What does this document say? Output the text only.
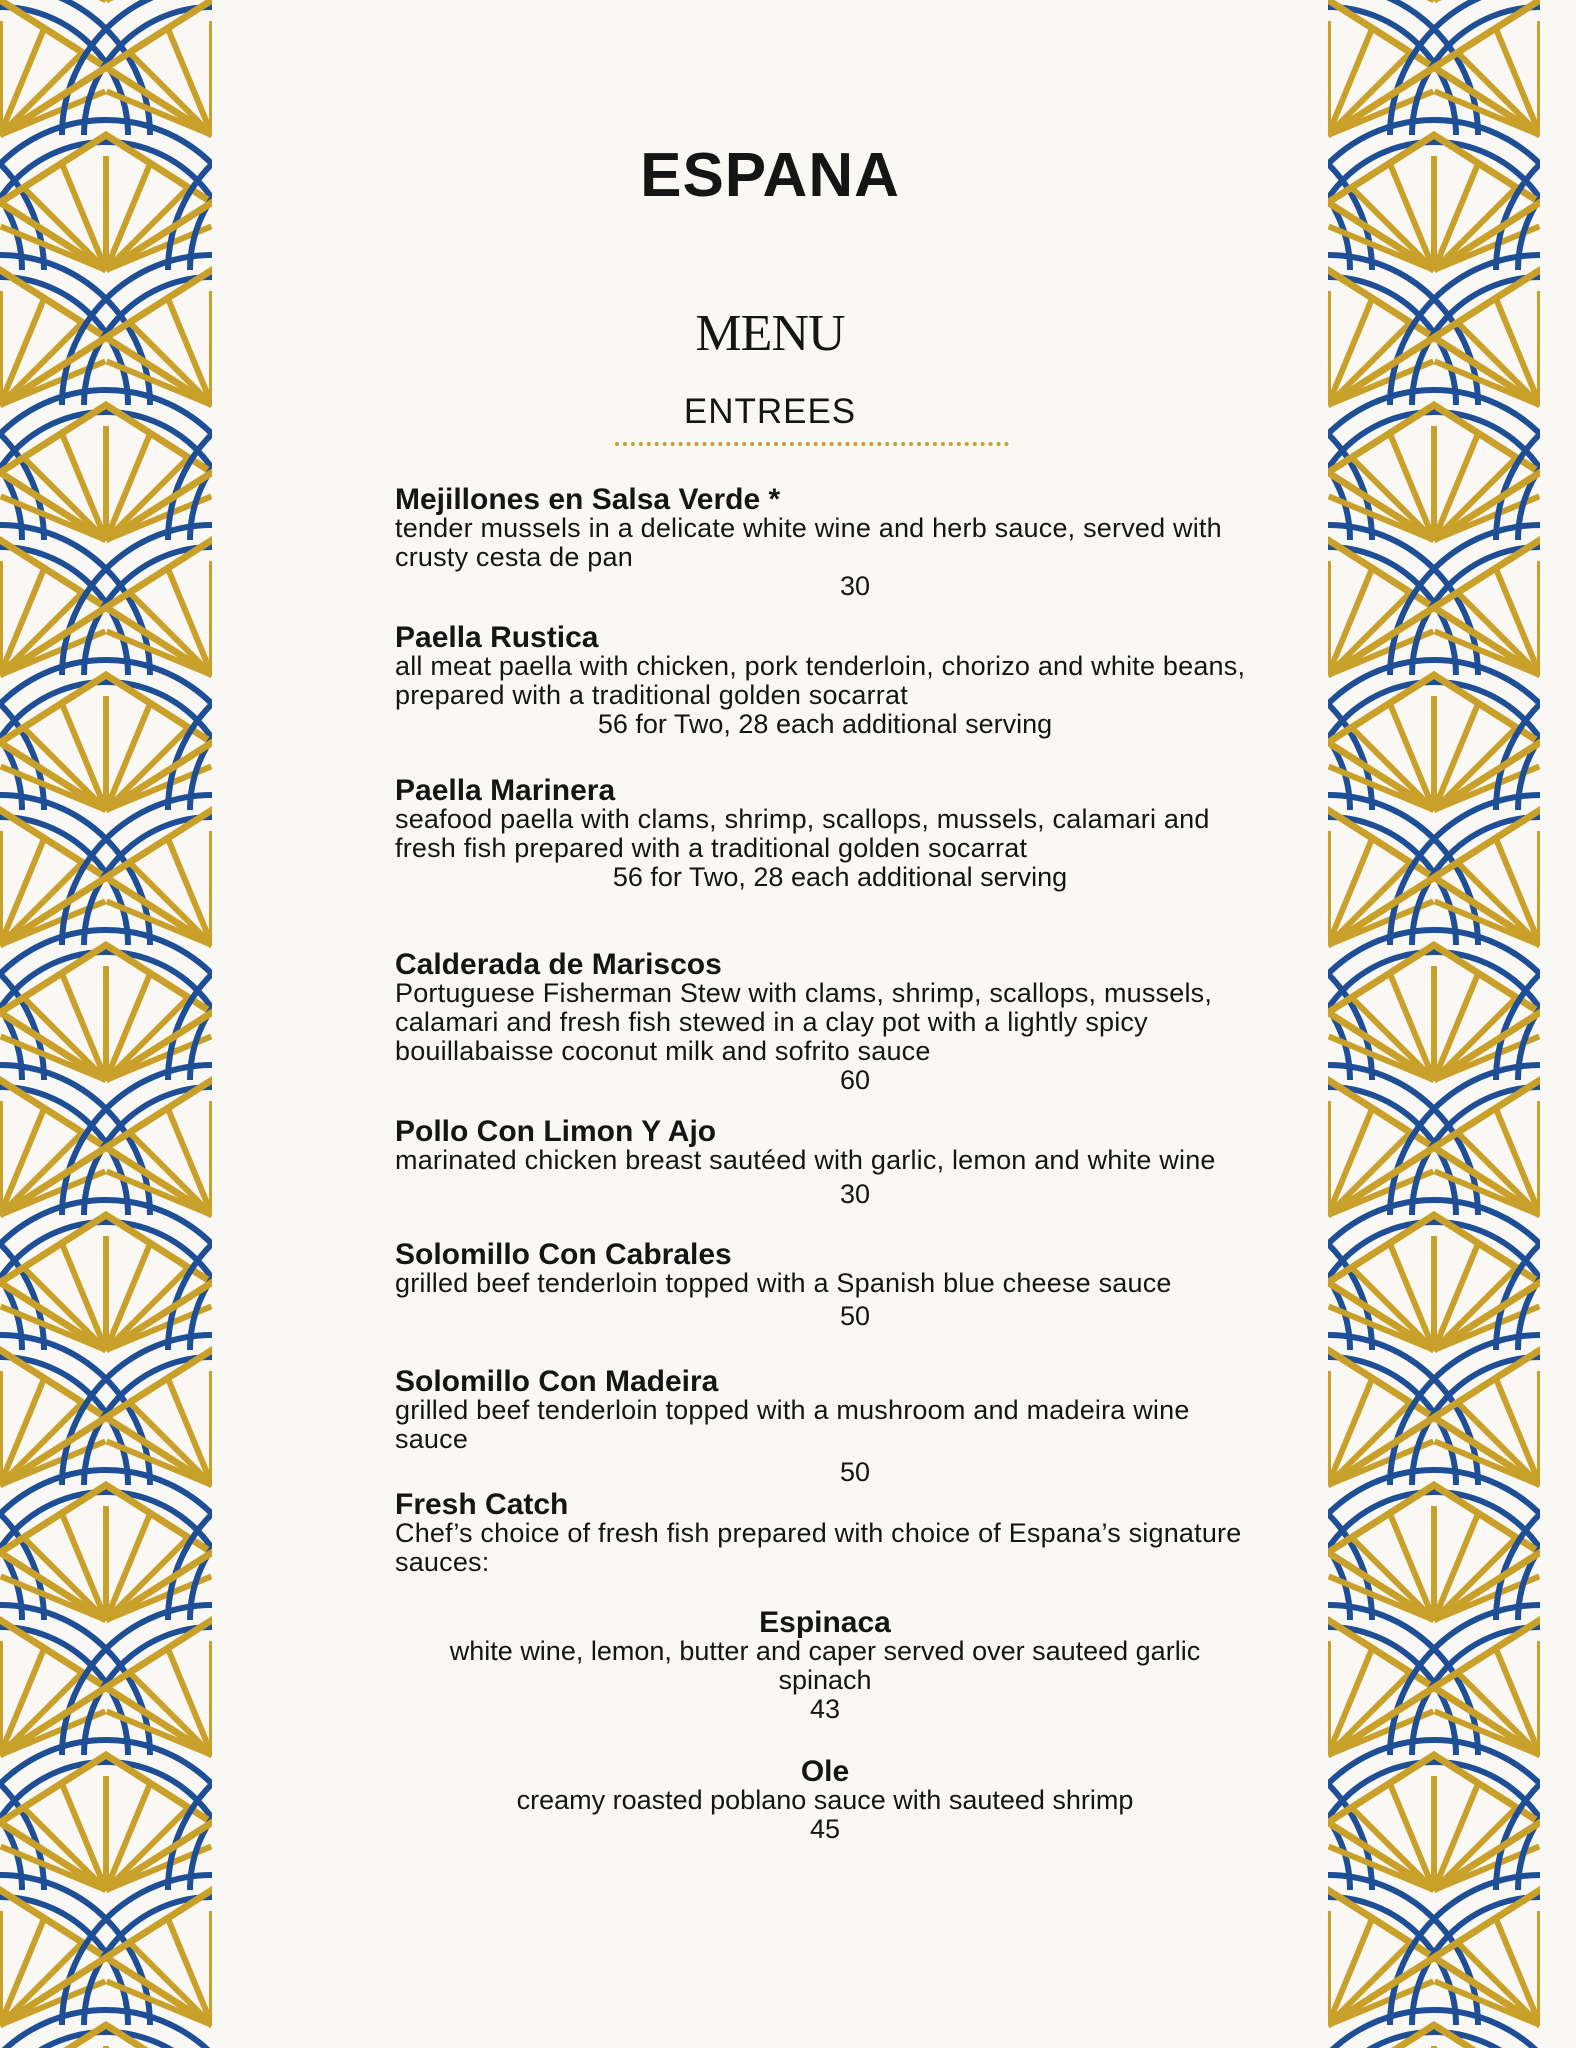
ESPANA
MENU
ENTREES
Mejillones en Salsa Verde *
tender mussels in a delicate white wine and herb sauce, served with crusty cesta de pan
30
Paella Rustica
all meat paella with chicken, pork tenderloin, chorizo and white beans, prepared with a traditional golden socarrat
56 for Two, 28 each additional serving
Paella Marinera
seafood paella with clams, shrimp, scallops, mussels, calamari and fresh fish prepared with a traditional golden socarrat
56 for Two, 28 each additional serving
Calderada de Mariscos
Portuguese Fisherman Stew with clams, shrimp, scallops, mussels, calamari and fresh fish stewed in a clay pot with a lightly spicy bouillabaisse coconut milk and sofrito sauce
60
Pollo Con Limon Y Ajo
marinated chicken breast sautéed with garlic, lemon and white wine
30
Solomillo Con Cabrales
grilled beef tenderloin topped with a Spanish blue cheese sauce
50
Solomillo Con Madeira
grilled beef tenderloin topped with a mushroom and madeira wine sauce
50
Fresh Catch
Chef’s choice of fresh fish prepared with choice of Espana’s signature sauces:
Espinaca
white wine, lemon, butter and caper served over sauteed garlic spinach
43
Ole
creamy roasted poblano sauce with sauteed shrimp
45
